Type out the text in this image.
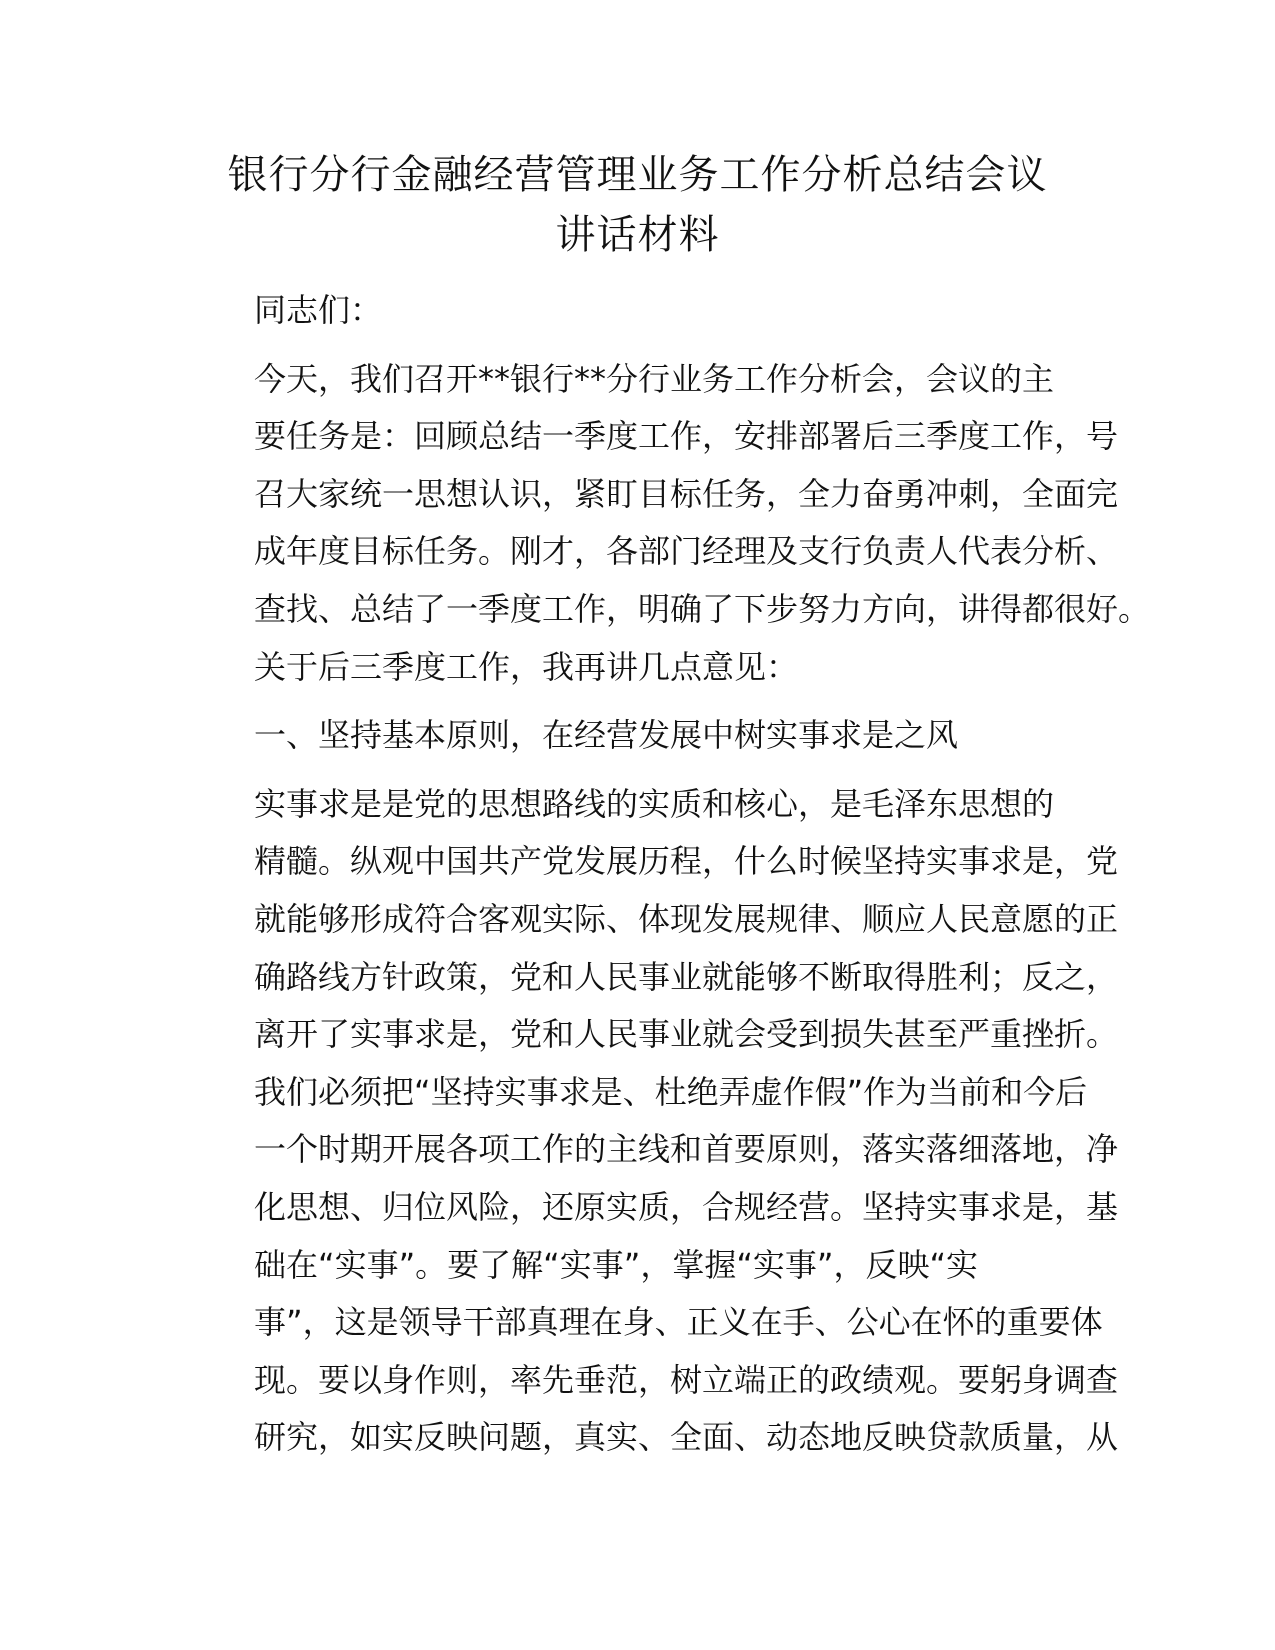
银行分行金融经营管理业务工作分析总结会议
讲话材料

同志们：

今天，我们召开**银行**分行业务工作分析会，会议的主
要任务是：回顾总结一季度工作，安排部署后三季度工作，号
召大家统一思想认识，紧盯目标任务，全力奋勇冲刺，全面完
成年度目标任务。刚才，各部门经理及支行负责人代表分析、
查找、总结了一季度工作，明确了下步努力方向，讲得都很好。
关于后三季度工作，我再讲几点意见：

一、坚持基本原则，在经营发展中树实事求是之风

实事求是是党的思想路线的实质和核心，是毛泽东思想的
精髓。纵观中国共产党发展历程，什么时候坚持实事求是，党
就能够形成符合客观实际、体现发展规律、顺应人民意愿的正
确路线方针政策，党和人民事业就能够不断取得胜利；反之，
离开了实事求是，党和人民事业就会受到损失甚至严重挫折。
我们必须把“坚持实事求是、杜绝弄虚作假”作为当前和今后
一个时期开展各项工作的主线和首要原则，落实落细落地，净
化思想、归位风险，还原实质，合规经营。坚持实事求是，基
础在“实事”。要了解“实事”，掌握“实事”，反映“实
事”，这是领导干部真理在身、正义在手、公心在怀的重要体
现。要以身作则，率先垂范，树立端正的政绩观。要躬身调查
研究，如实反映问题，真实、全面、动态地反映贷款质量，从
